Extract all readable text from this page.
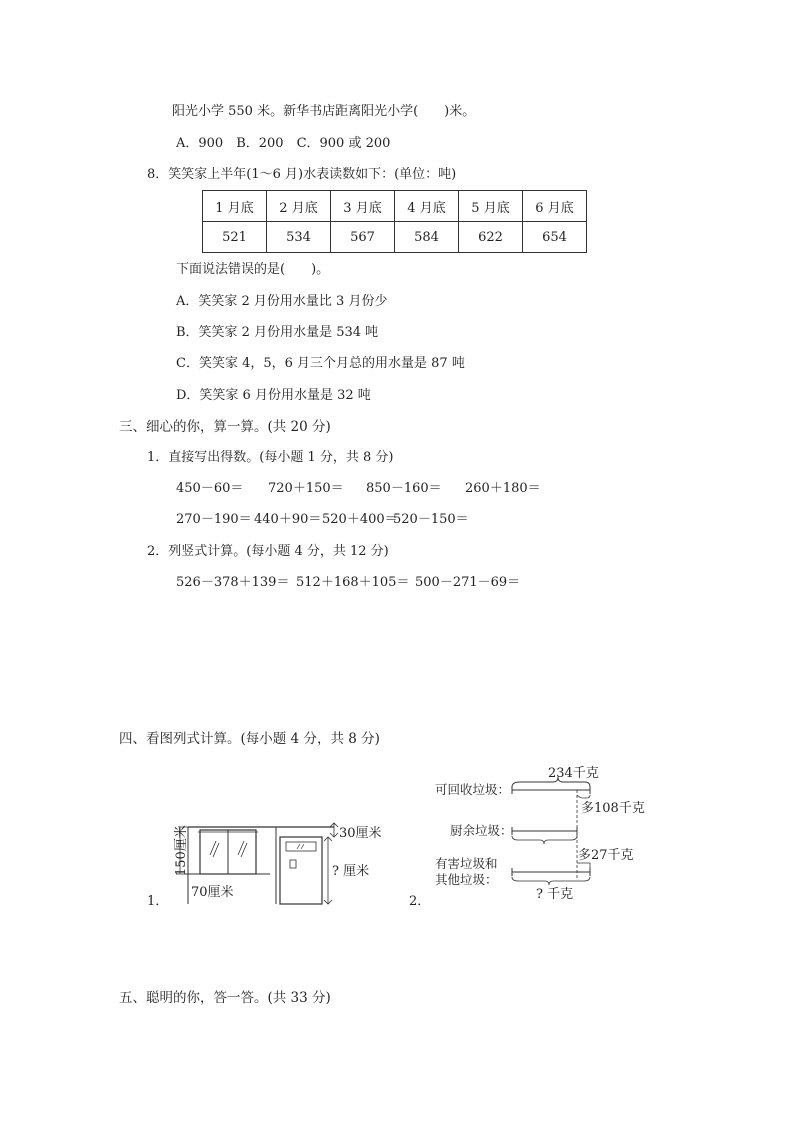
阳光小学 550 米。新华书店距离阳光小学(　　)米。
A．900　B．200　C．900 或 200
8．笑笑家上半年(1～6 月)水表读数如下：(单位：吨)
1 月底	2 月底	3 月底	4 月底	5 月底	6 月底
521	534	567	584	622	654
下面说法错误的是(　　)。
A．笑笑家 2 月份用水量比 3 月份少
B．笑笑家 2 月份用水量是 534 吨
C．笑笑家 4，5，6 月三个月总的用水量是 87 吨
D．笑笑家 6 月份用水量是 32 吨
三、细心的你，算一算。(共 20 分)
1．直接写出得数。(每小题 1 分，共 8 分)
450－60＝ 720＋150＝ 850－160＝ 260＋180＝
270－190＝ 440＋90＝ 520＋400＝
520－150＝
2．列竖式计算。(每小题 4 分，共 12 分)
526－378＋139＝ 512＋168＋105＝ 500－271－69＝
四、看图列式计算。(每小题 4 分，共 8 分)
1．	2．
150厘米
70厘米
30厘米
? 厘米
234千克
可回收垃圾：
多108千克
厨余垃圾：
多27千克
有害垃圾和
其他垃圾：
? 千克
五、聪明的你，答一答。(共 33 分)
